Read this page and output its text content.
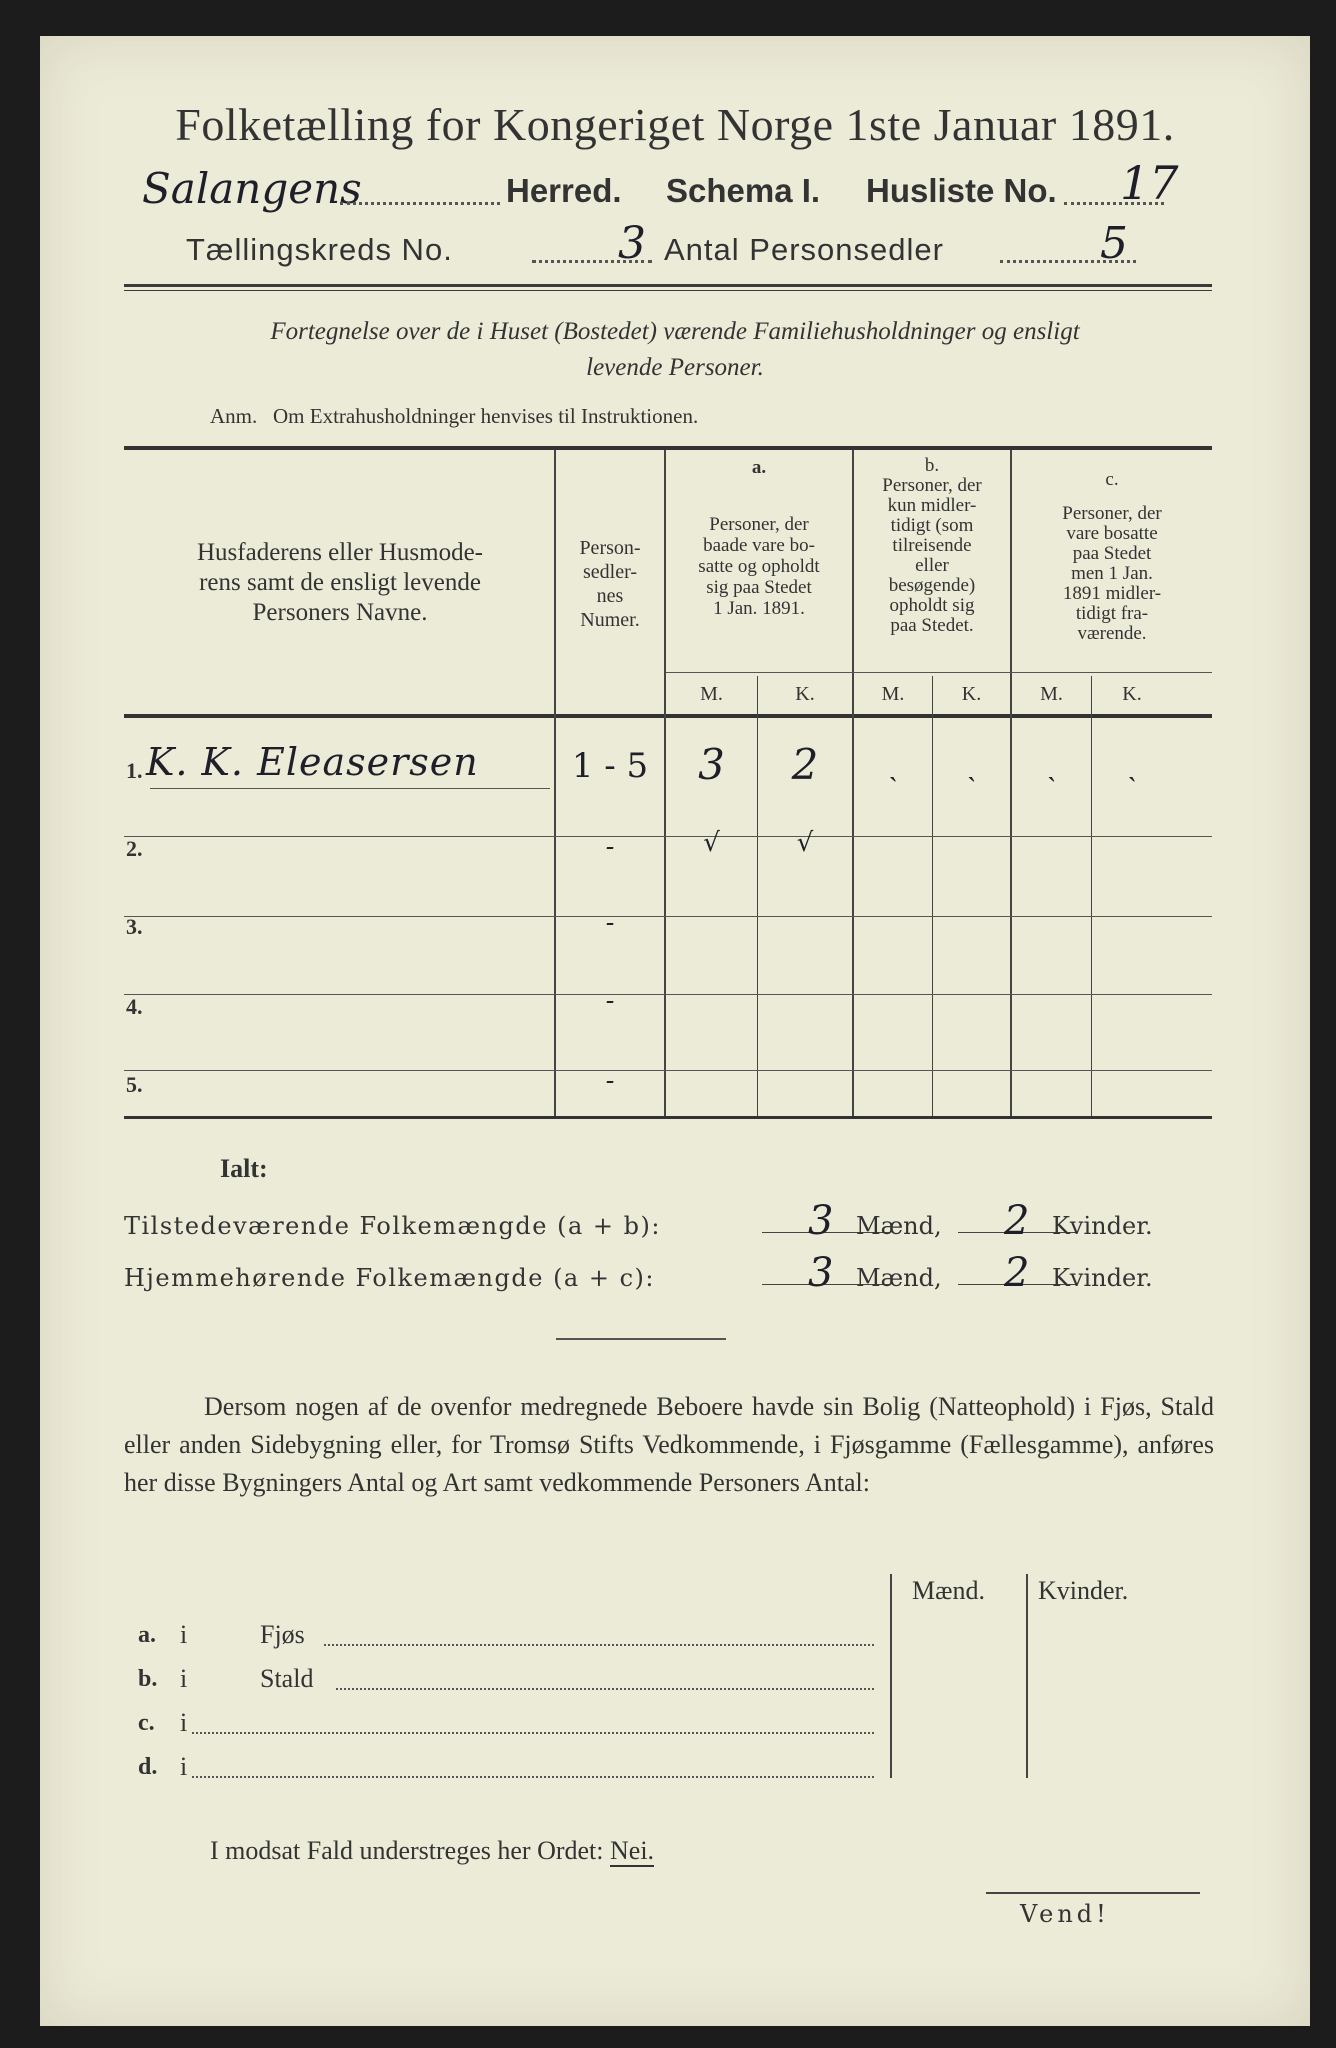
Folketælling for Kongeriget Norge 1ste Januar 1891.
Salangens	Herred. Schema I. Husliste No. 17
Tællingskreds No.	3 Antal Personsedler	5
Fortegnelse over de i Huset (Bostedet) værende Familiehusholdninger og ensligt
levende Personer.
Anm.   Om Extrahusholdninger henvises til Instruktionen.
Husfaderens eller Husmode-
rens samt de ensligt levende
Personers Navne.
Person-
sedler-
nes
Numer.
a.
Personer, der
baade vare bo-
satte og opholdt
sig paa Stedet
1 Jan. 1891.
b.
Personer, der
kun midler-
tidigt (som
tilreisende
eller
besøgende)
opholdt sig
paa Stedet.
c.
Personer, der
vare bosatte
paa Stedet
men 1 Jan.
1891 midler-
tidigt fra-
værende.
M.	K.	M.	K.	M.	K.
1. K. K. Eleasersen	1 - 5	3	2	ˎ	ˎ	ˎ	ˎ
2.	-	√	√
3.	-
4.	-
5.	-
Ialt:
Tilstedeværende Folkemængde (a + b):	3 Mænd, 2 Kvinder.
Hjemmehørende Folkemængde (a + c):	3 Mænd, 2 Kvinder.
Dersom nogen af de ovenfor medregnede Beboere havde sin Bolig (Natteophold) i Fjøs, Stald eller anden Sidebygning eller, for Tromsø Stifts Vedkommende, i Fjøsgamme (Fællesgamme), anføres her disse Bygningers Antal og Art samt vedkommende Personers Antal:
Mænd. Kvinder.
a. i	Fjøs
b. i	Stald
c. i
d. i
I modsat Fald understreges her Ordet: Nei.
Vend!
